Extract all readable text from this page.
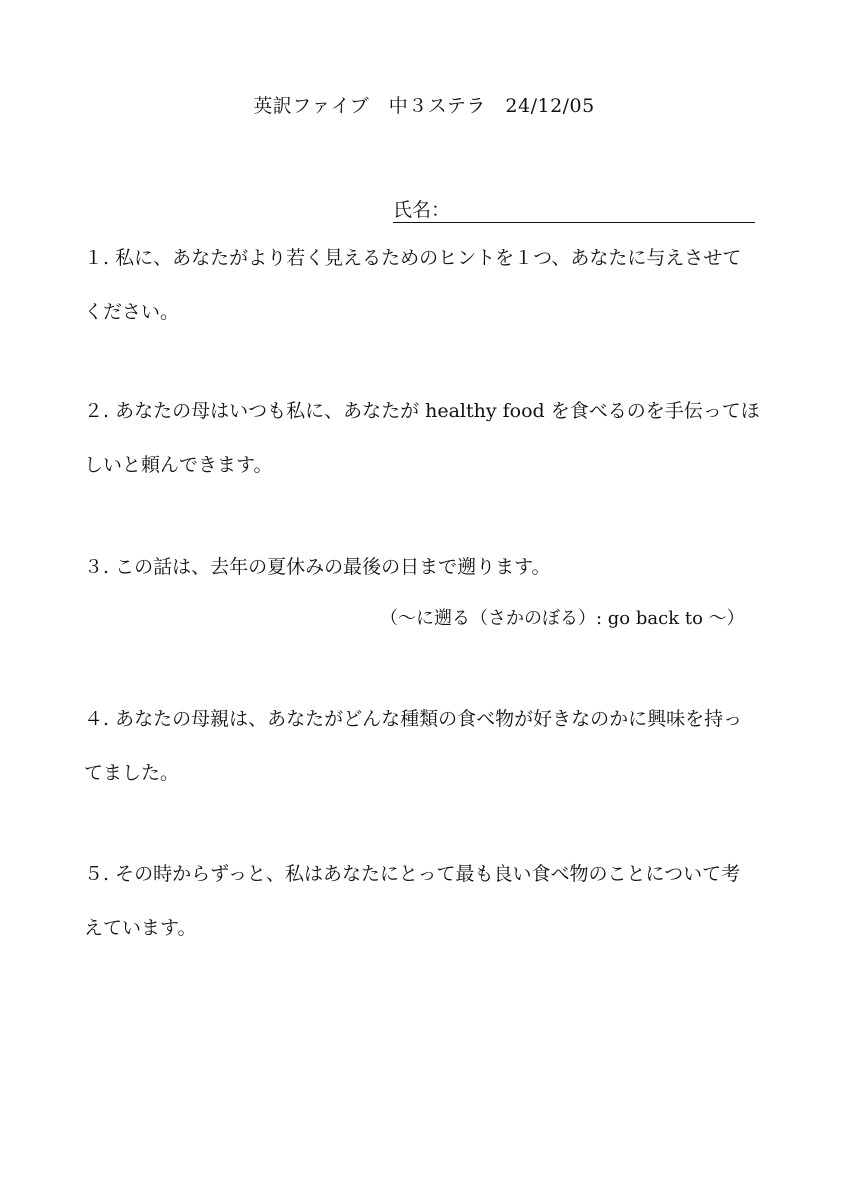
英訳ファイブ　中３ステラ　24/12/05
氏名：
１. 私に、あなたがより若く見えるためのヒントを１つ、あなたに与えさせて
ください。
２. あなたの母はいつも私に、あなたが healthy food を食べるのを手伝ってほ
しいと頼んできます。
３. この話は、去年の夏休みの最後の日まで遡ります。
（〜に遡る（さかのぼる）: go back to 〜）
４. あなたの母親は、あなたがどんな種類の食べ物が好きなのかに興味を持っ
てました。
５. その時からずっと、私はあなたにとって最も良い食べ物のことについて考
えています。
